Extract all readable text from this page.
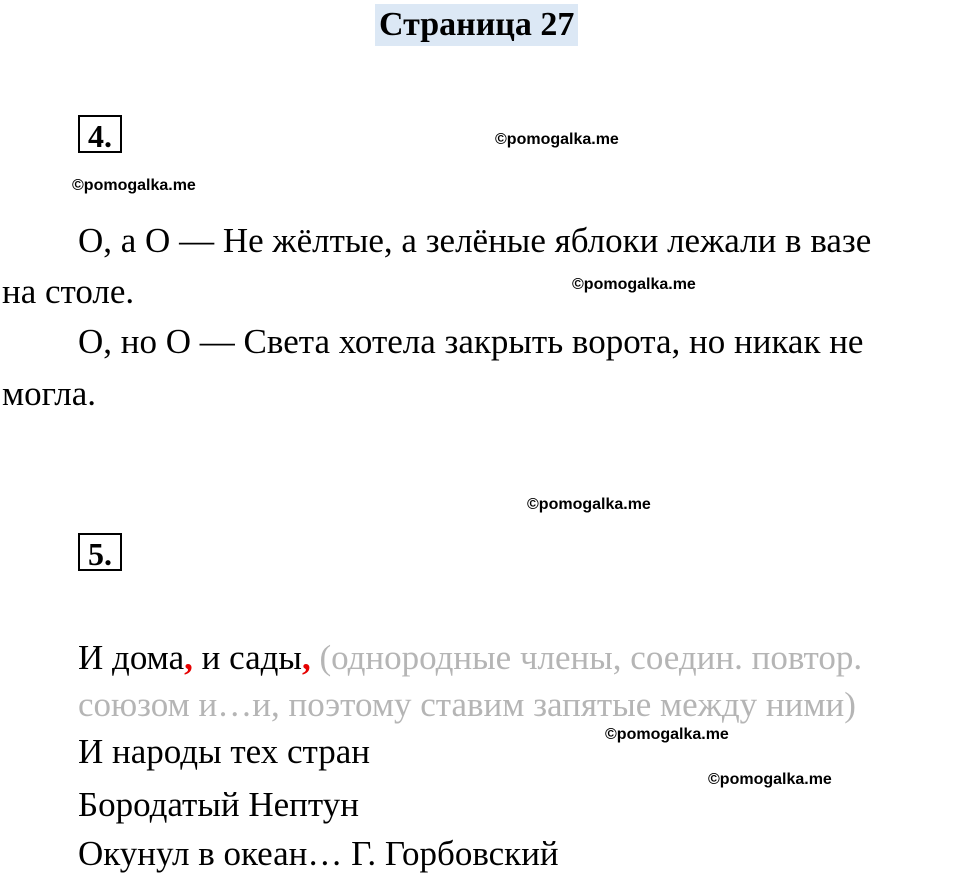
Страница 27
4.	©pomogalka.me
©pomogalka.me
О, а О — Не жёлтые, а зелёные яблоки лежали в вазе
на столе.	©pomogalka.me
О, но О — Света хотела закрыть ворота, но никак не
могла.
©pomogalka.me
5.
И дома, и сады, (однородные члены, соедин. повтор.
союзом и…и, поэтому ставим запятые между ними)
И народы тех стран	©pomogalka.me
©pomogalka.me
Бородатый Нептун
Окунул в океан… Г. Горбовский
